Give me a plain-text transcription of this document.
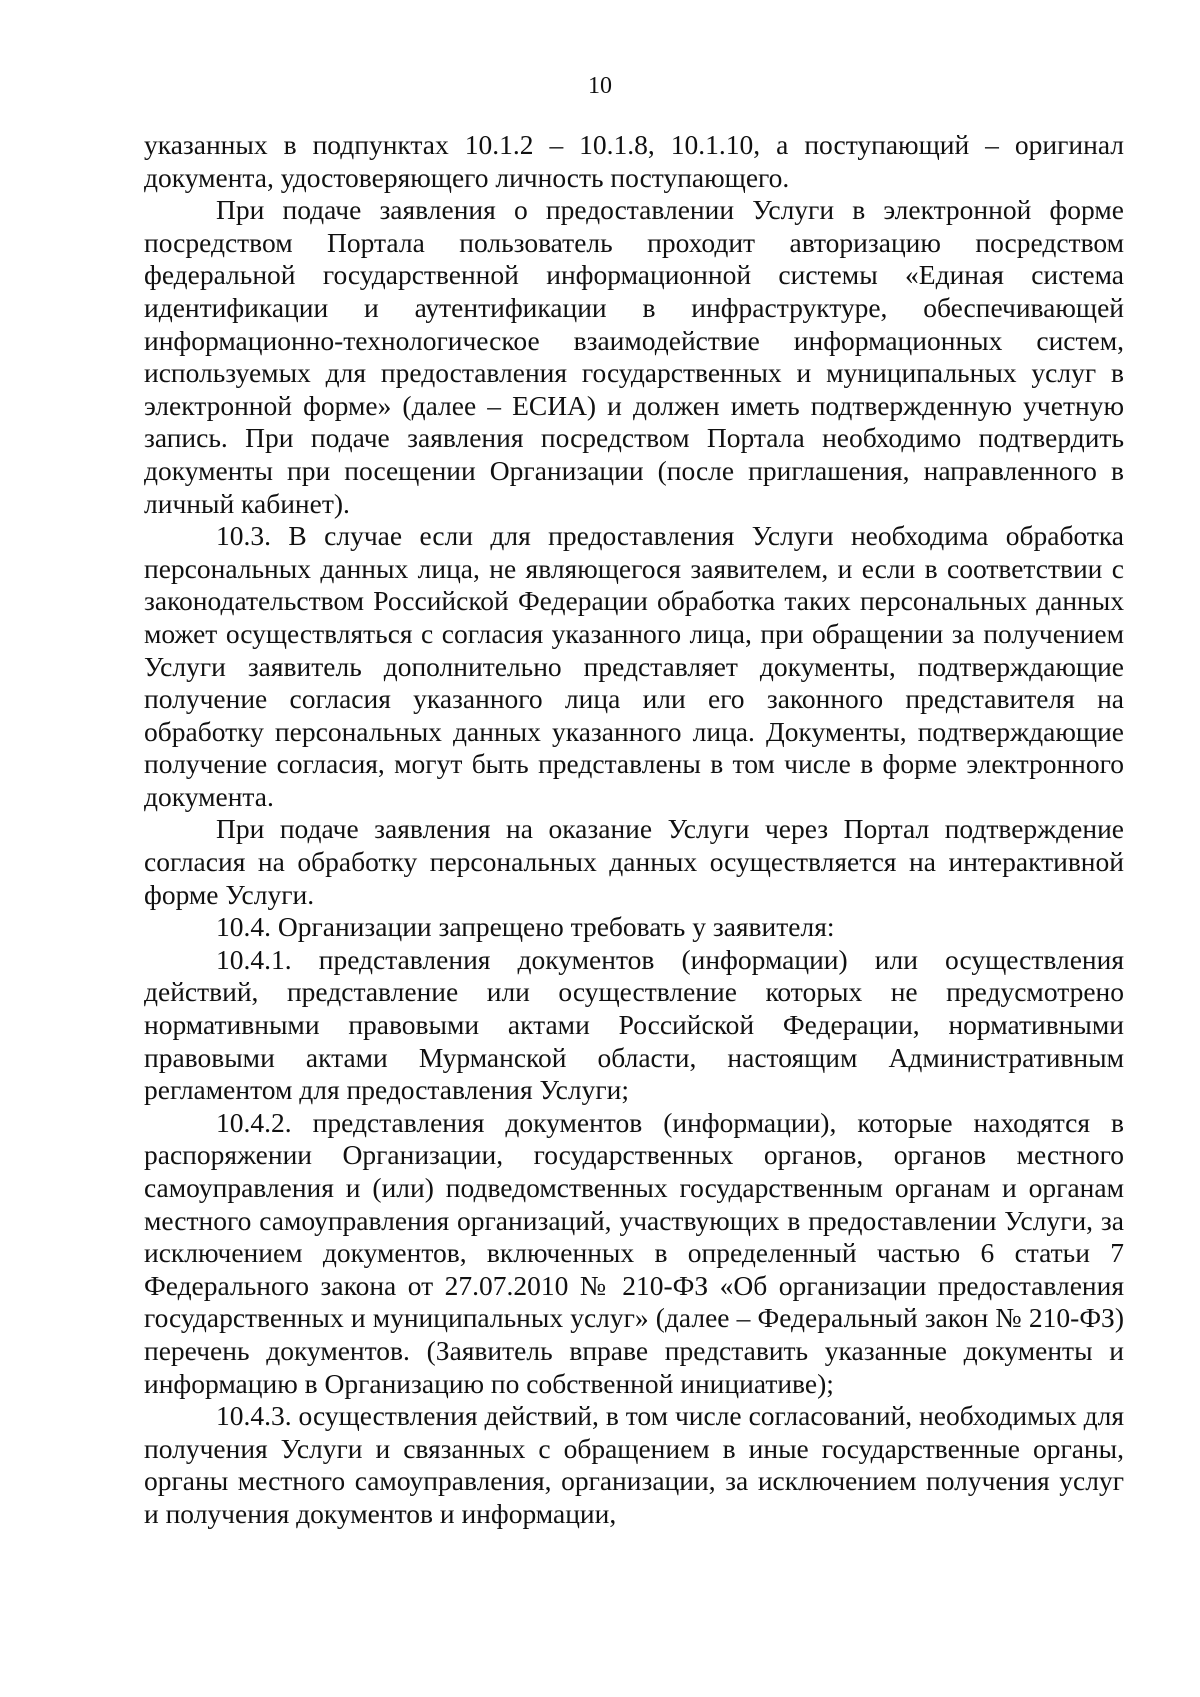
10

указанных в подпунктах 10.1.2 – 10.1.8, 10.1.10, а поступающий – оригинал документа, удостоверяющего личность поступающего.

При подаче заявления о предоставлении Услуги в электронной форме посредством Портала пользователь проходит авторизацию посредством федеральной государственной информационной системы «Единая система идентификации и аутентификации в инфраструктуре, обеспечивающей информационно-технологическое взаимодействие информационных систем, используемых для предоставления государственных и муниципальных услуг в электронной форме» (далее – ЕСИА) и должен иметь подтвержденную учетную запись. При подаче заявления посредством Портала необходимо подтвердить документы при посещении Организации (после приглашения, направленного в личный кабинет).

10.3. В случае если для предоставления Услуги необходима обработка персональных данных лица, не являющегося заявителем, и если в соответствии с законодательством Российской Федерации обработка таких персональных данных может осуществляться с согласия указанного лица, при обращении за получением Услуги заявитель дополнительно представляет документы, подтверждающие получение согласия указанного лица или его законного представителя на обработку персональных данных указанного лица. Документы, подтверждающие получение согласия, могут быть представлены в том числе в форме электронного документа.

При подаче заявления на оказание Услуги через Портал подтверждение согласия на обработку персональных данных осуществляется на интерактивной форме Услуги.

10.4. Организации запрещено требовать у заявителя:

10.4.1. представления документов (информации) или осуществления действий, представление или осуществление которых не предусмотрено нормативными правовыми актами Российской Федерации, нормативными правовыми актами Мурманской области, настоящим Административным регламентом для предоставления Услуги;

10.4.2. представления документов (информации), которые находятся в распоряжении Организации, государственных органов, органов местного самоуправления и (или) подведомственных государственным органам и органам местного самоуправления организаций, участвующих в предоставлении Услуги, за исключением документов, включенных в определенный частью 6 статьи 7 Федерального закона от 27.07.2010 № 210-ФЗ «Об организации предоставления государственных и муниципальных услуг» (далее – Федеральный закон № 210-ФЗ) перечень документов. (Заявитель вправе представить указанные документы и информацию в Организацию по собственной инициативе);

10.4.3. осуществления действий, в том числе согласований, необходимых для получения Услуги и связанных с обращением в иные государственные органы, органы местного самоуправления, организации, за исключением получения услуг и получения документов и информации,
